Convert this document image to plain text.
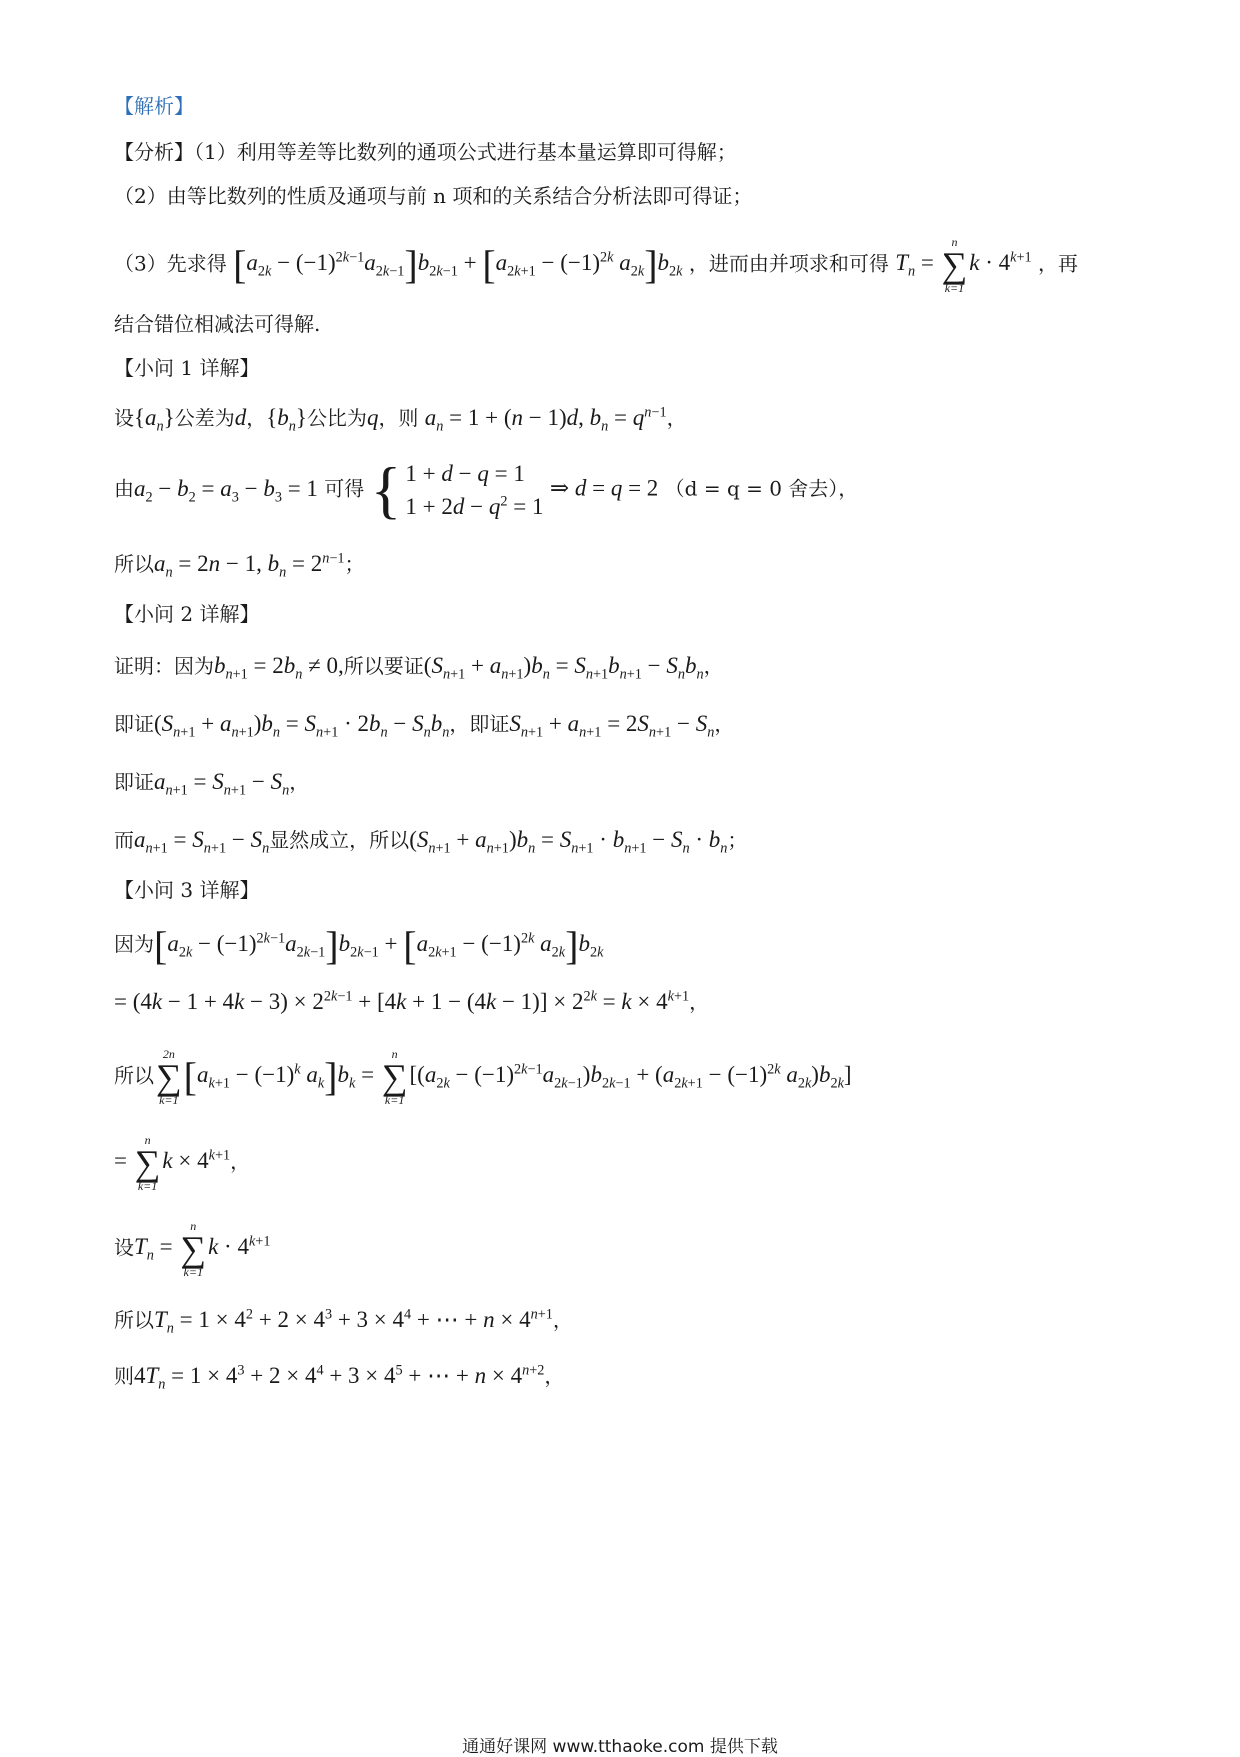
【解析】
【分析】（1）利用等差等比数列的通项公式进行基本量运算即可得解；
（2）由等比数列的性质及通项与前 n 项和的关系结合分析法即可得证；
（3）先求得 $[a_{2k} - (-1)^{2k-1}a_{2k-1}]b_{2k-1} + [a_{2k+1} - (-1)^{2k}$ $a_{2k}]b_{2k}$ ，进而由并项求和可得 $T_n$ =
n
∑
k=1
$k \cdot 4^{k+1}$ ，再
结合错位相减法可得解.
【小问 1 详解】
设$\{a_n\}$公差为d，$\{b_n\}$公比为q，则 $a_n = 1 + (n - 1)d$, $b_n = q^{n-1}$，
由$a_2 - b_2 = a_3 - b_3 = 1$ 可得 { 1 + d − q = 1
$1 + 2d - q^2 = 1$
⇒ d = q = 2 （d = q = 0 舍去），
所以$a_n = 2n - 1$, $b_n = 2^{n-1}$；
【小问 2 详解】
证明：因为$b_{n+1} = 2b_n \ne 0$,所以要证$(S_{n+1} + a_{n+1})b_n = S_{n+1}b_{n+1} - S_nb_n$，
即证$(S_{n+1} + a_{n+1})b_n = S_{n+1} \cdot 2b_n - S_nb_n$，即证$S_{n+1} + a_{n+1} = 2S_{n+1} - S_n$，
即证$a_{n+1} = S_{n+1} - S_n$，
而$a_{n+1} = S_{n+1} - S_n$显然成立，所以$(S_{n+1} + a_{n+1})b_n = S_{n+1} \cdot b_{n+1} - S_n \cdot b_n$；
【小问 3 详解】
因为$[a_{2k} - (-1)^{2k-1}a_{2k-1}]b_{2k-1} + [a_{2k+1} - (-1)^{2k}$ $a_{2k}]b_{2k}$
= $(4k - 1 + 4k - 3) \times 2^{2k-1} + [4k + 1 - (4k - 1)] \times 2^{2k} = k \times 4^{k+1}$，
所以
2n
∑
k=1
[$a_{k+1} - (-1)^k$ $a_k]b_k$ =
n
∑
k=1
[$(a_{2k} - (-1)^{2k-1}a_{2k-1})b_{2k-1} + (a_{2k+1} - (-1)^{2k}$ $a_{2k})b_{2k}$]
=
n
∑
k=1
$k \times 4^{k+1}$，
设$T_n$ =
n
∑
k=1
$k \cdot 4^{k+1}$
所以$T_n = 1 \times 4^2 + 2 \times 4^3 + 3 \times 4^4$ + ⋯ + $n \times 4^{n+1}$，
则$4T_n = 1 \times 4^3 + 2 \times 4^4 + 3 \times 4^5$ + ⋯ + $n \times 4^{n+2}$，
通通好课网 www.tthaoke.com 提供下载
